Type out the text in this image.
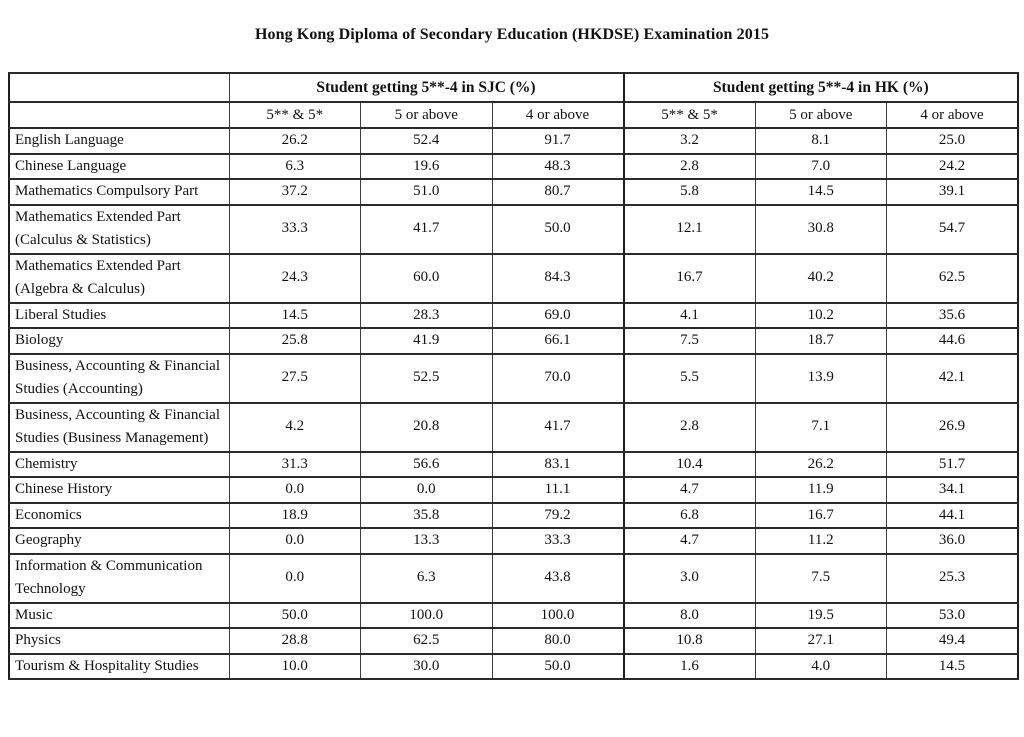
Hong Kong Diploma of Secondary Education (HKDSE) Examination 2015
	Student getting 5**-4 in SJC (%)			Student getting 5**-4 in HK (%)		
	5** & 5*	5 or above	4 or above	5** & 5*	5 or above	4 or above
English Language	26.2	52.4	91.7	3.2	8.1	25.0
Chinese Language	6.3	19.6	48.3	2.8	7.0	24.2
Mathematics Compulsory Part	37.2	51.0	80.7	5.8	14.5	39.1
Mathematics Extended Part (Calculus & Statistics)	33.3	41.7	50.0	12.1	30.8	54.7
Mathematics Extended Part (Algebra & Calculus)	24.3	60.0	84.3	16.7	40.2	62.5
Liberal Studies	14.5	28.3	69.0	4.1	10.2	35.6
Biology	25.8	41.9	66.1	7.5	18.7	44.6
Business, Accounting & Financial Studies (Accounting)	27.5	52.5	70.0	5.5	13.9	42.1
Business, Accounting & Financial Studies (Business Management)	4.2	20.8	41.7	2.8	7.1	26.9
Chemistry	31.3	56.6	83.1	10.4	26.2	51.7
Chinese History	0.0	0.0	11.1	4.7	11.9	34.1
Economics	18.9	35.8	79.2	6.8	16.7	44.1
Geography	0.0	13.3	33.3	4.7	11.2	36.0
Information & Communication Technology	0.0	6.3	43.8	3.0	7.5	25.3
Music	50.0	100.0	100.0	8.0	19.5	53.0
Physics	28.8	62.5	80.0	10.8	27.1	49.4
Tourism & Hospitality Studies	10.0	30.0	50.0	1.6	4.0	14.5
